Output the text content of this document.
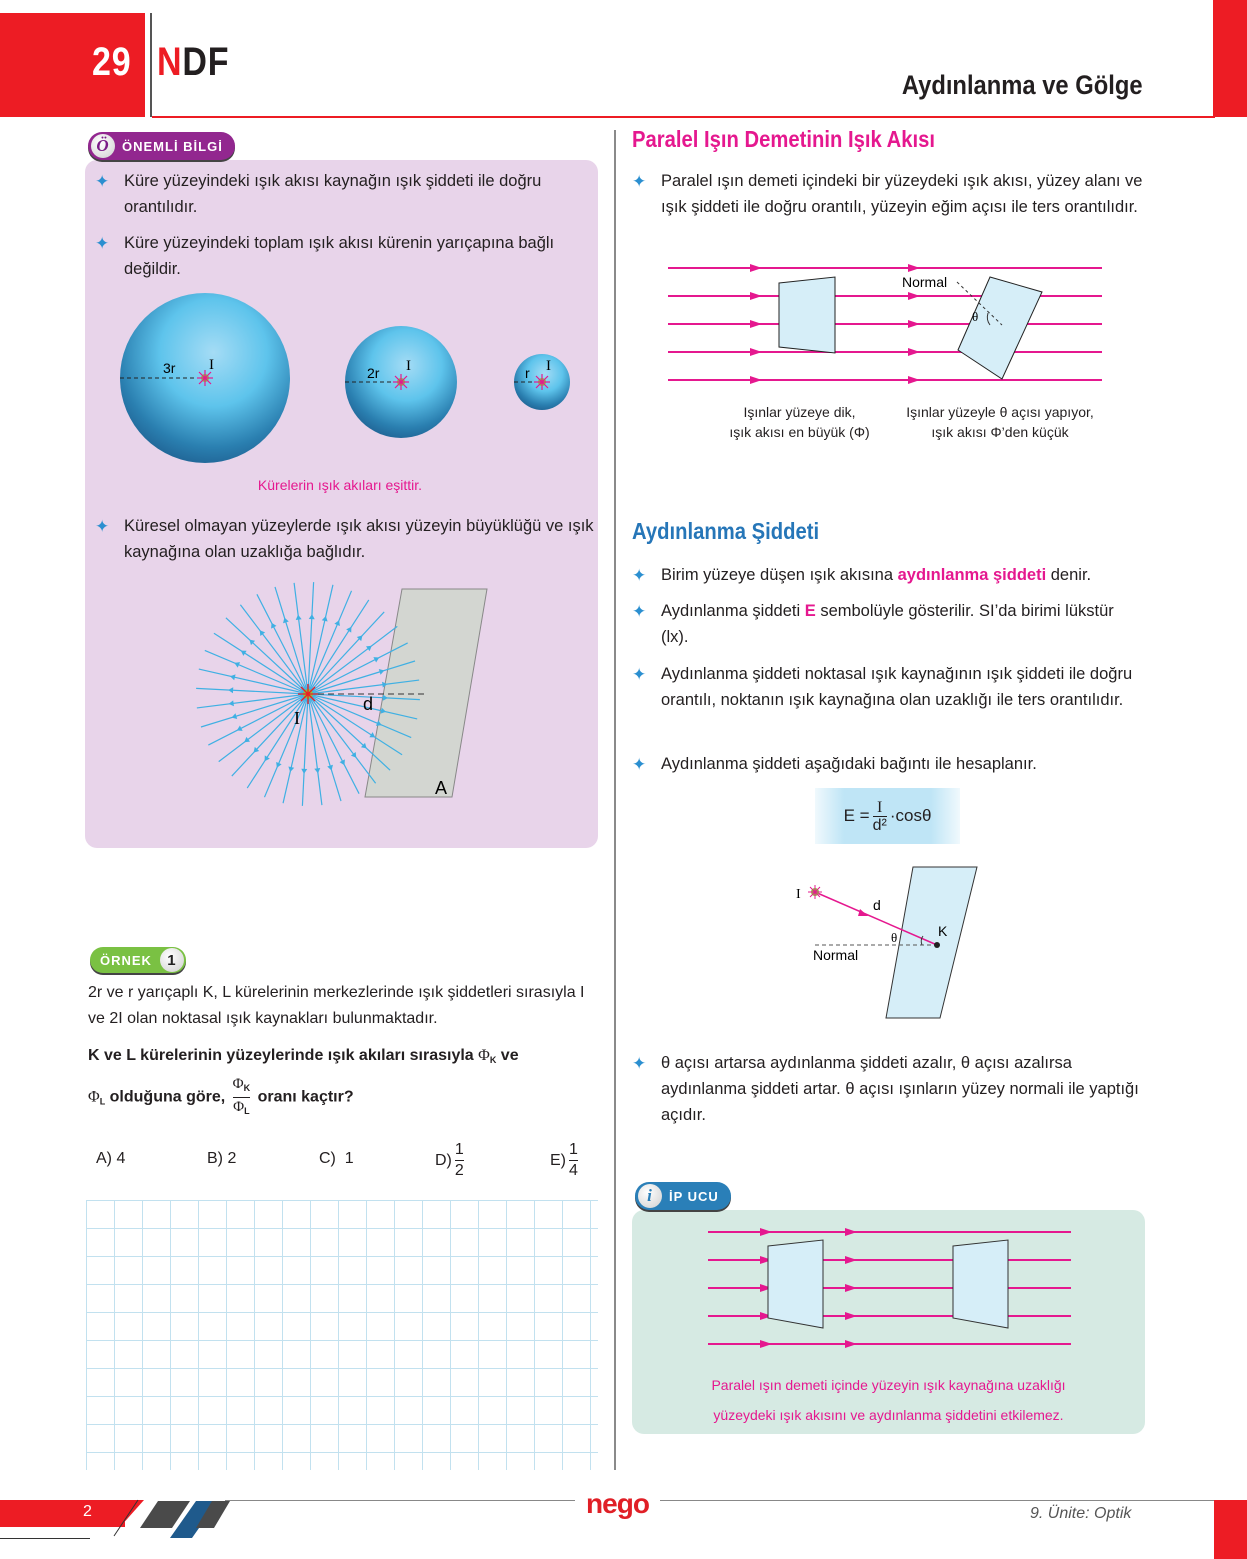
29 NDF
Aydınlanma ve Gölge
Ö ÖNEMLİ BİLGİ
✦ Küre yüzeyindeki ışık akısı kaynağın ışık şiddeti ile doğru orantılıdır.
✦ Küre yüzeyindeki toplam ışık akısı kürenin yarıçapına bağlı değildir.
3r I	2r I	r I
Kürelerin ışık akıları eşittir.
✦ Küresel olmayan yüzeylerde ışık akısı yüzeyin büyüklüğü ve ışık kaynağına olan uzaklığa bağlıdır.
d
I
A
ÖRNEK	1
2r ve r yarıçaplı K, L kürelerinin merkezlerinde ışık şiddetleri sırasıyla I ve 2I olan noktasal ışık kaynakları bulunmaktadır.
K ve L kürelerinin yüzeylerinde ışık akıları sırasıyla $\Phi_K$ ve
$\Phi_L$ olduğuna göre, $\frac{\Phi_K}{\Phi_L}$ oranı kaçtır?
A)
4	B)
2	C)
1	$D) \frac{1}{2}$	$E) \frac{1}{4}$
Paralel Işın Demetinin Işık Akısı
✦ Paralel ışın demeti içindeki bir yüzeydeki ışık akısı, yüzey alanı ve ışık şiddeti ile doğru orantılı, yüzeyin eğim açısı ile ters orantılıdır.
Normal
θ
Işınlar yüzeye dik,
ışık akısı en büyük (Φ)
Işınlar yüzeyle θ açısı yapıyor,
ışık akısı Φ’den küçük
Aydınlanma Şiddeti
✦ Birim yüzeye düşen ışık akısına aydınlanma şiddeti denir.
✦ Aydınlanma şiddeti E sembolüyle gösterilir. SI’da birimi lükstür (lx).
✦ Aydınlanma şiddeti noktasal ışık kaynağının ışık şiddeti ile doğru orantılı, noktanın ışık kaynağına olan uzaklığı ile ters orantılıdır.
✦ Aydınlanma şiddeti aşağıdaki bağıntı ile hesaplanır.
$E = \frac{I}{\text{d²}} \cdot\cos\theta$
I
d
K
θ
Normal
✦ θ açısı artarsa aydınlanma şiddeti azalır, θ açısı azalırsa aydınlanma şiddeti artar. θ açısı ışınların yüzey normali ile yaptığı açıdır.
i	İP UCU
Paralel ışın demeti içinde yüzeyin ışık kaynağına uzaklığı
yüzeydeki ışık akısını ve aydınlanma şiddetini etkilemez.
2	nego	9. Ünite: Optik
